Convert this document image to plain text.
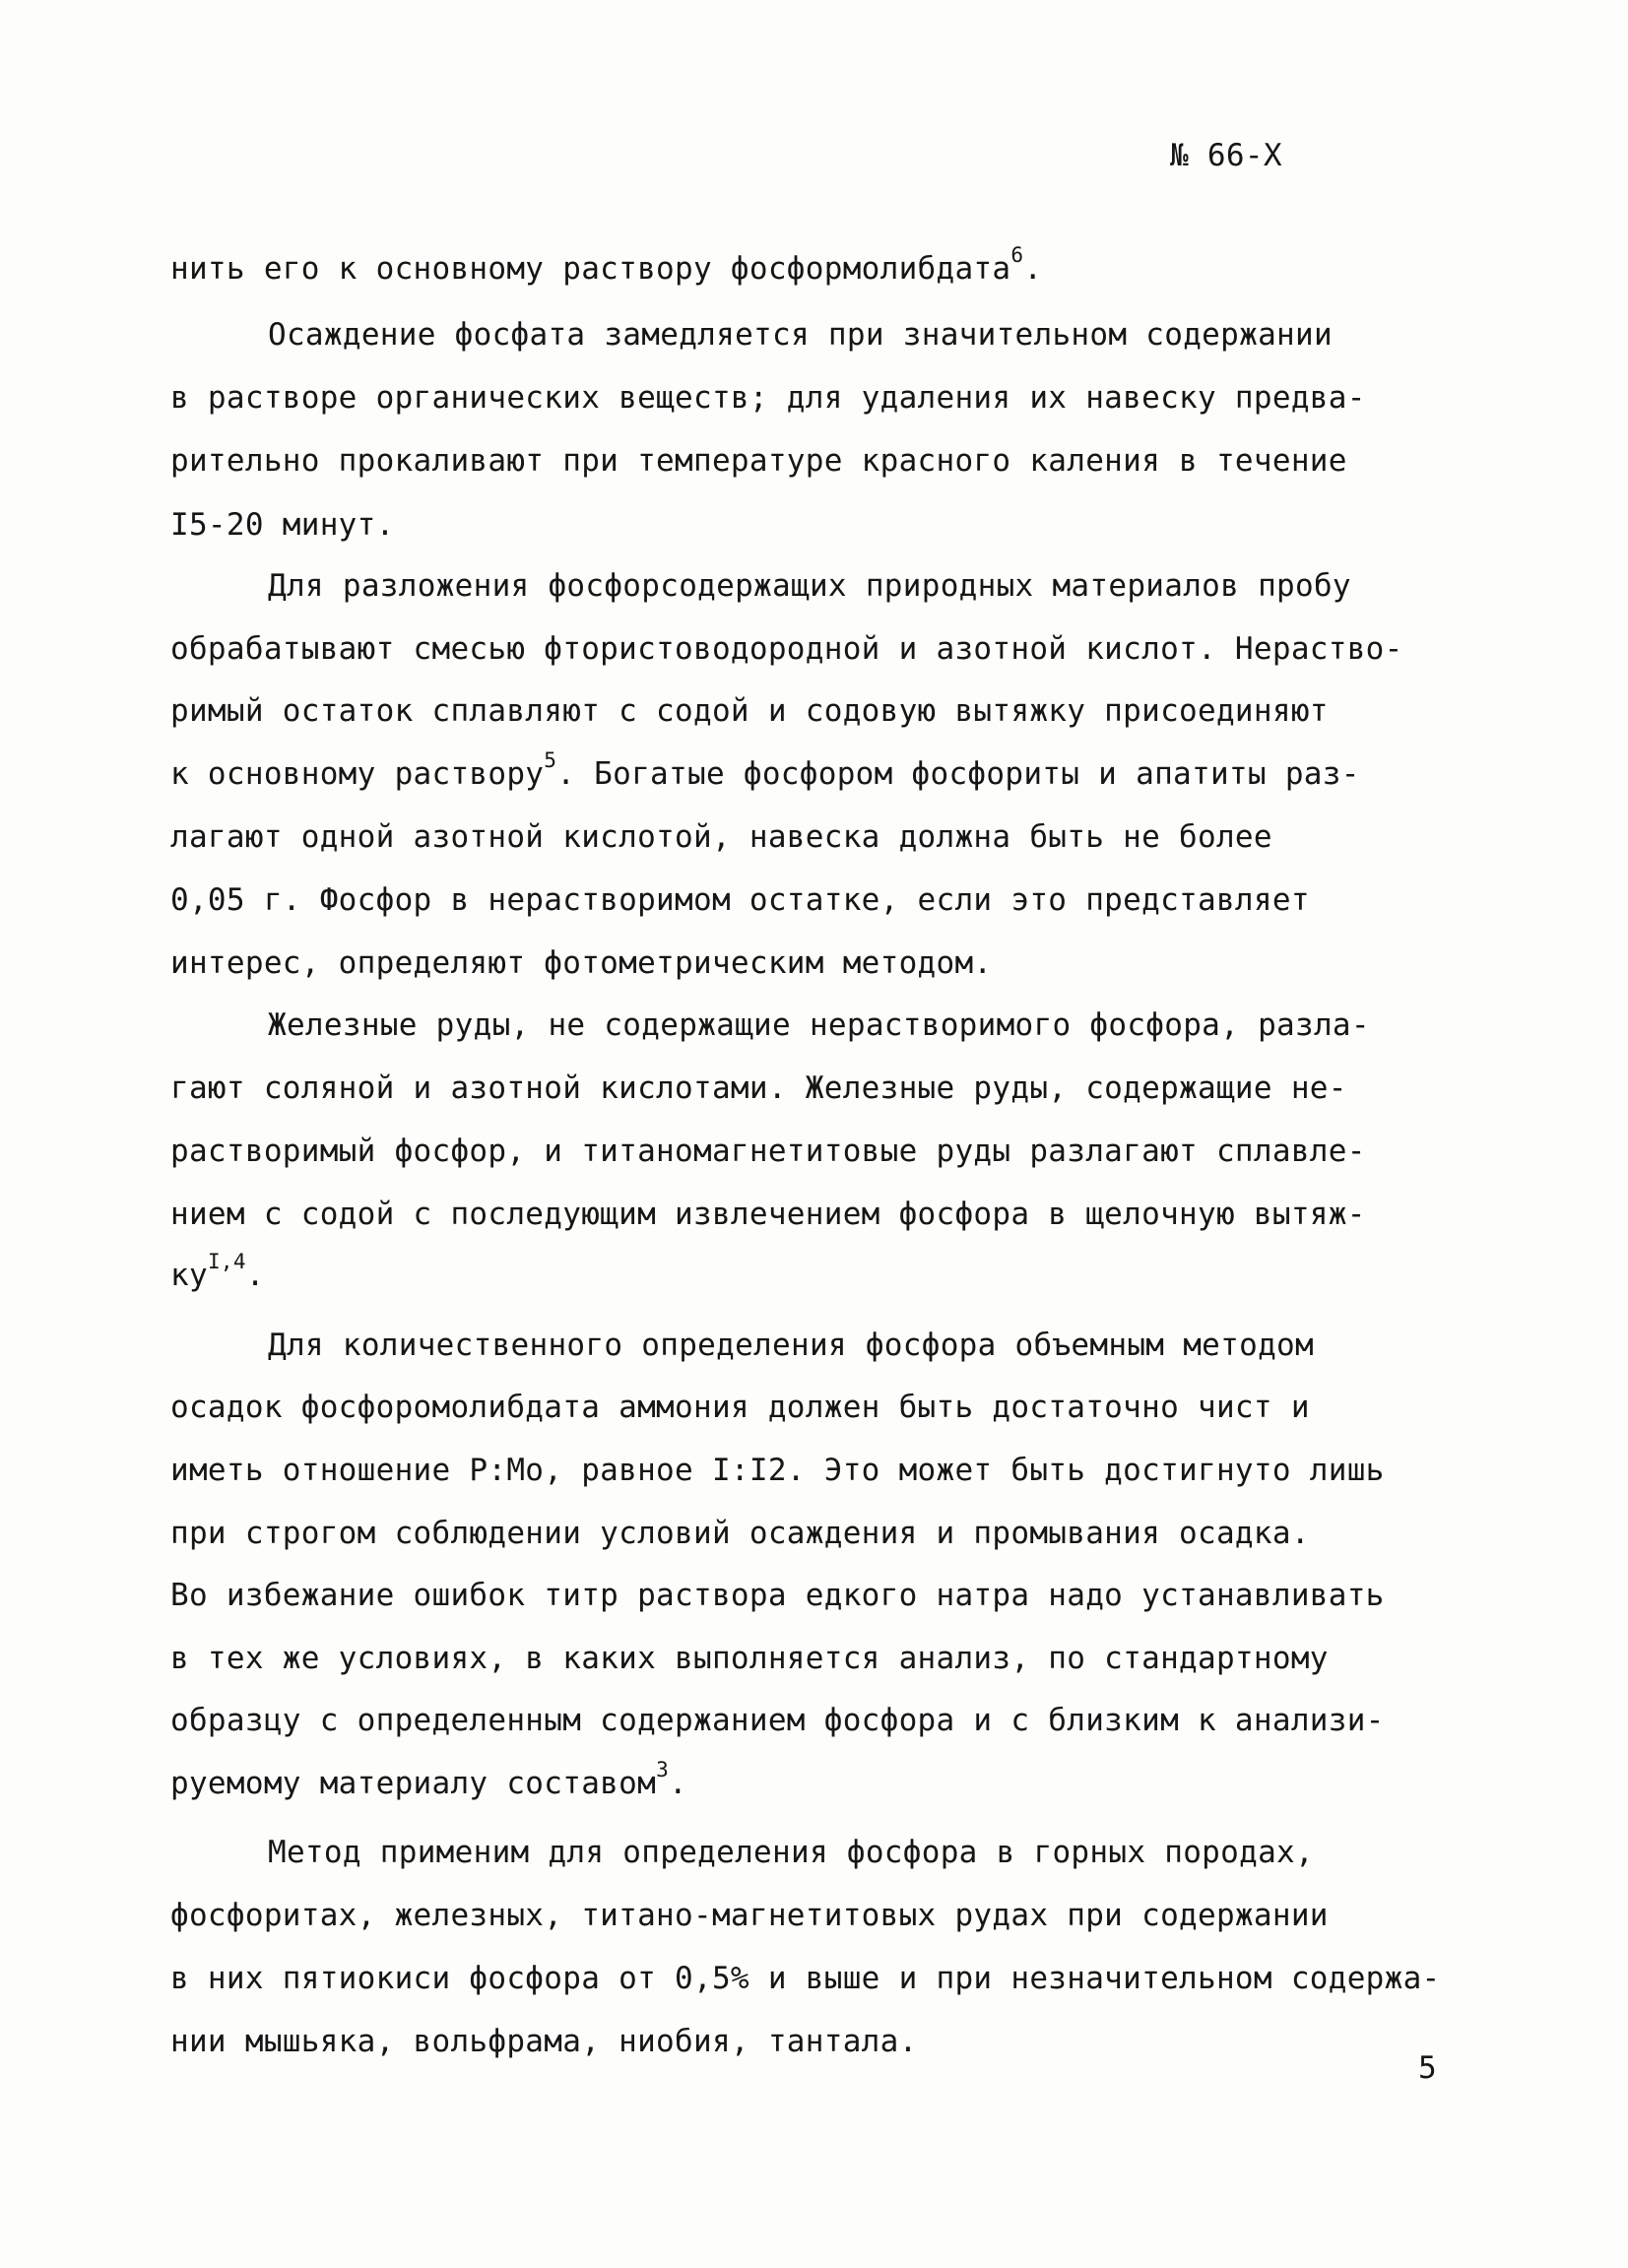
№ 66-Х
нить его к основному раствору фосформолибдата$^6$.
Осаждение фосфата замедляется при значительном содержании
в растворе органических веществ; для удаления их навеску предва-
рительно прокаливают при температуре красного каления в течение
I5-20 минут.
Для разложения фосфорсодержащих природных материалов пробу
обрабатывают смесью фтористоводородной и азотной кислот. Нераство-
римый остаток сплавляют с содой и содовую вытяжку присоединяют
к основному раствору$^5$. Богатые фосфором фосфориты и апатиты раз-
лагают одной азотной кислотой, навеска должна быть не более
0,05 г. Фосфор в нерастворимом остатке, если это представляет
интерес, определяют фотометрическим методом.
Железные руды, не содержащие нерастворимого фосфора, разла-
гают соляной и азотной кислотами. Железные руды, содержащие не-
растворимый фосфор, и титаномагнетитовые руды разлагают сплавле-
нием с содой с последующим извлечением фосфора в щелочную вытяж-
$ку^{I,4}$.
Для количественного определения фосфора объемным методом
осадок фосфоромолибдата аммония должен быть достаточно чист и
иметь отношение Р:Мо, равное I:I2. Это может быть достигнуто лишь
при строгом соблюдении условий осаждения и промывания осадка.
Во избежание ошибок титр раствора едкого натра надо устанавливать
в тех же условиях, в каких выполняется анализ, по стандартному
образцу с определенным содержанием фосфора и с близким к анализи-
руемому материалу составом$^3$.
Метод применим для определения фосфора в горных породах,
фосфоритах, железных, титано-магнетитовых рудах при содержании
в них пятиокиси фосфора от 0,5% и выше и при незначительном содержа-
нии мышьяка, вольфрама, ниобия, тантала.
5
